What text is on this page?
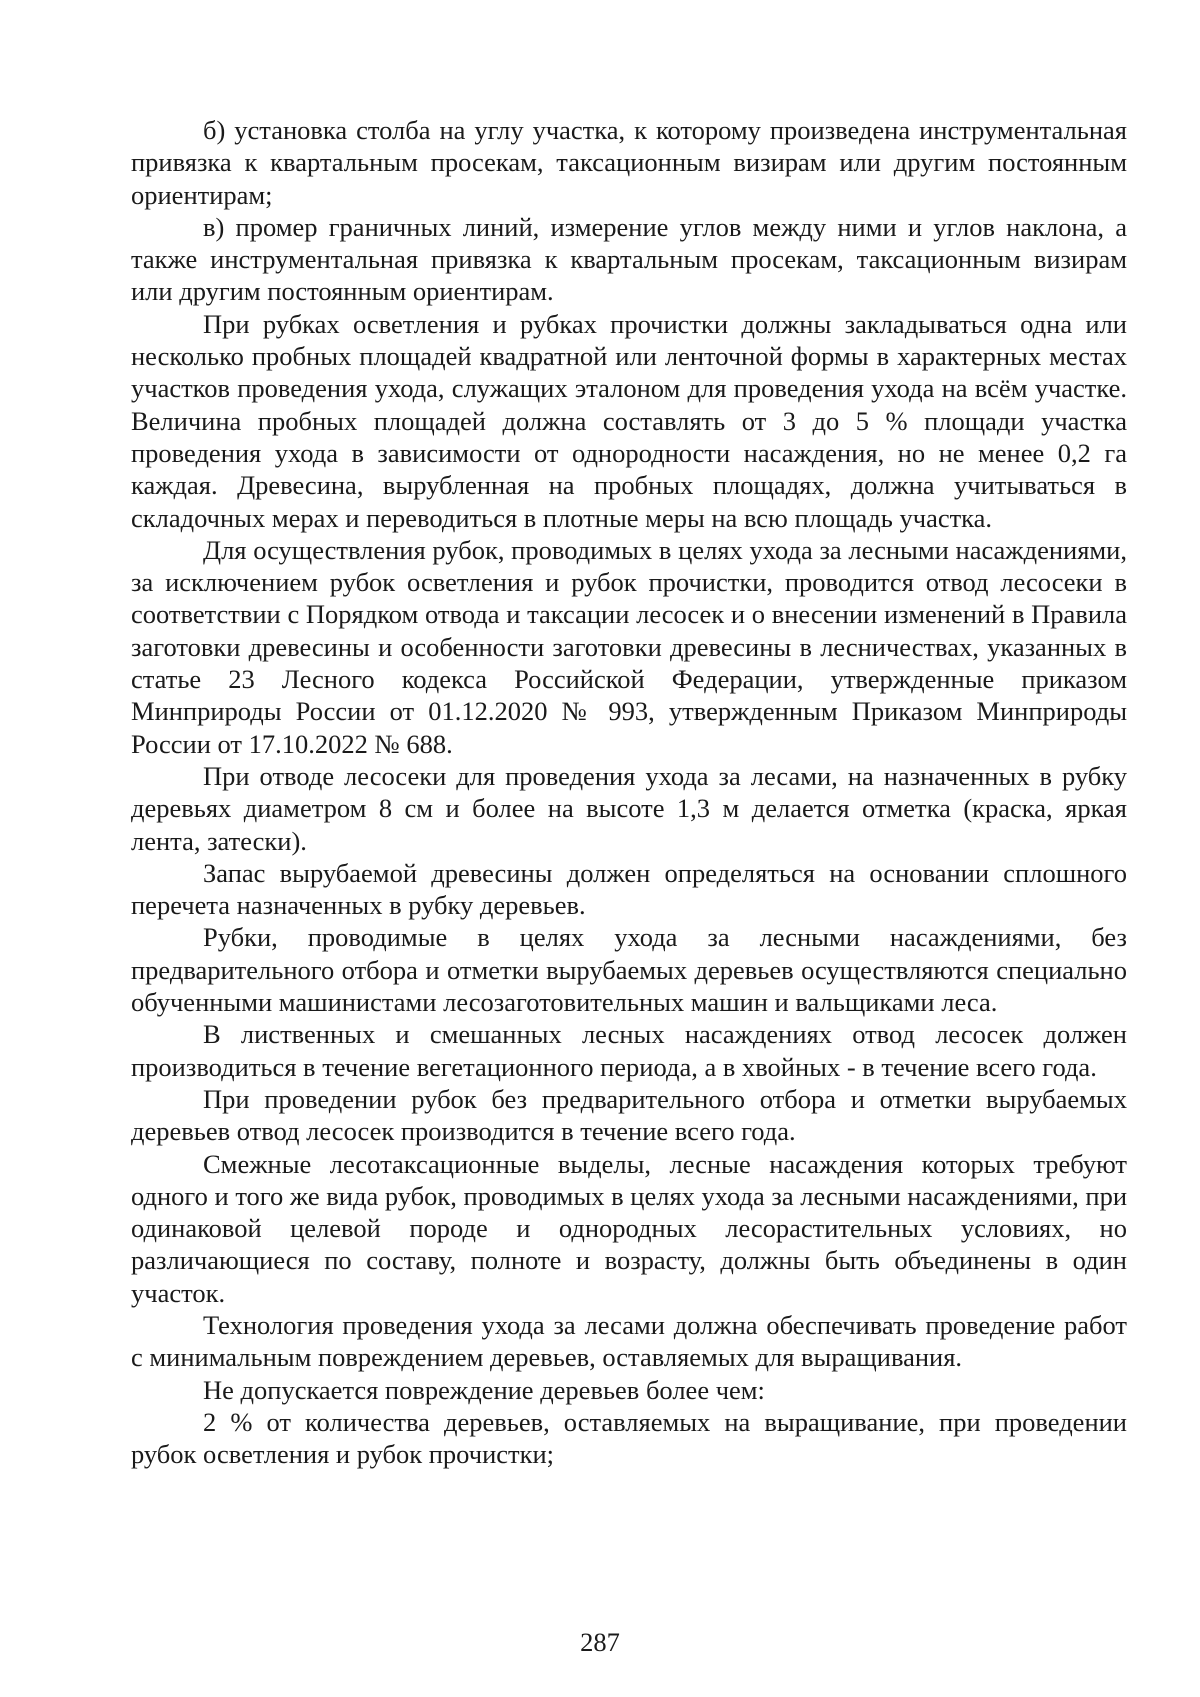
б) установка столба на углу участка, к которому произведена инструментальная привязка к квартальным просекам, таксационным визирам или другим постоянным ориентирам;

в) промер граничных линий, измерение углов между ними и углов наклона, а также инструментальная привязка к квартальным просекам, таксационным визирам или другим постоянным ориентирам.

При рубках осветления и рубках прочистки должны закладываться одна или несколько пробных площадей квадратной или ленточной формы в характерных местах участков проведения ухода, служащих эталоном для проведения ухода на всём участке. Величина пробных площадей должна составлять от 3 до 5 % площади участка проведения ухода в зависимости от однородности насаждения, но не менее 0,2 га каждая. Древесина, вырубленная на пробных площадях, должна учитываться в складочных мерах и переводиться в плотные меры на всю площадь участка.

Для осуществления рубок, проводимых в целях ухода за лесными насаждениями, за исключением рубок осветления и рубок прочистки, проводится отвод лесосеки в соответствии с Порядком отвода и таксации лесосек и о внесении изменений в Правила заготовки древесины и особенности заготовки древесины в лесничествах, указанных в статье 23 Лесного кодекса Российской Федерации, утвержденные приказом Минприроды России от 01.12.2020 № 993, утвержденным Приказом Минприроды России от 17.10.2022 № 688.

При отводе лесосеки для проведения ухода за лесами, на назначенных в рубку деревьях диаметром 8 см и более на высоте 1,3 м делается отметка (краска, яркая лента, затески).

Запас вырубаемой древесины должен определяться на основании сплошного перечета назначенных в рубку деревьев.

Рубки, проводимые в целях ухода за лесными насаждениями, без предварительного отбора и отметки вырубаемых деревьев осуществляются специально обученными машинистами лесозаготовительных машин и вальщиками леса.

В лиственных и смешанных лесных насаждениях отвод лесосек должен производиться в течение вегетационного периода, а в хвойных - в течение всего года.

При проведении рубок без предварительного отбора и отметки вырубаемых деревьев отвод лесосек производится в течение всего года.

Смежные лесотаксационные выделы, лесные насаждения которых требуют одного и того же вида рубок, проводимых в целях ухода за лесными насаждениями, при одинаковой целевой породе и однородных лесорастительных условиях, но различающиеся по составу, полноте и возрасту, должны быть объединены в один участок.

Технология проведения ухода за лесами должна обеспечивать проведение работ с минимальным повреждением деревьев, оставляемых для выращивания.

Не допускается повреждение деревьев более чем:

2 % от количества деревьев, оставляемых на выращивание, при проведении рубок осветления и рубок прочистки;

287
